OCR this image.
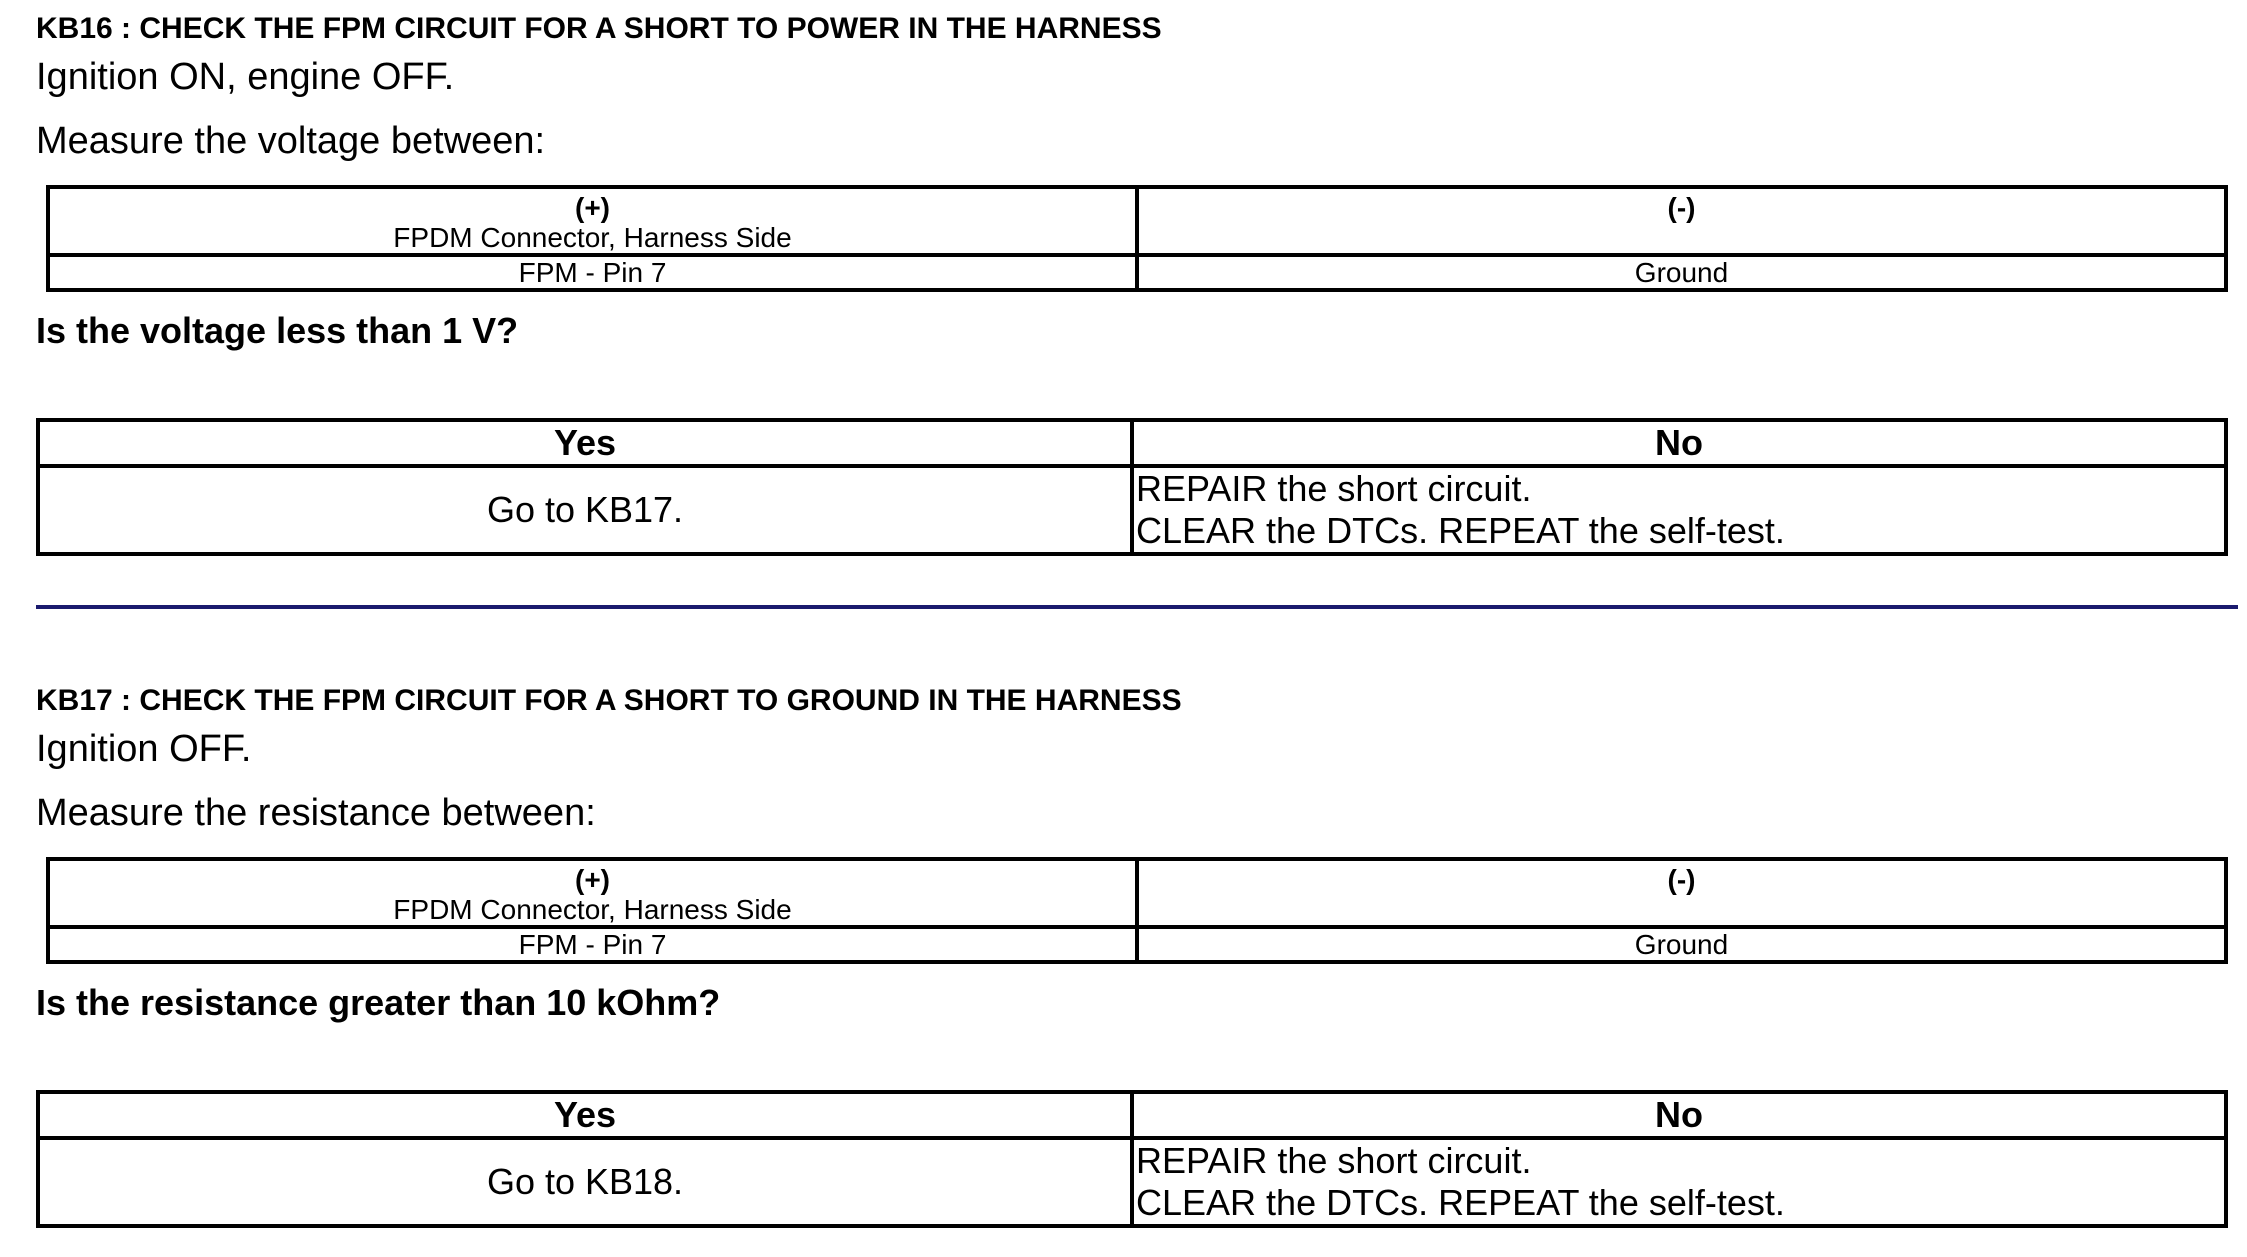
KB16 : CHECK THE FPM CIRCUIT FOR A SHORT TO POWER IN THE HARNESS
Ignition ON, engine OFF.
Measure the voltage between:
(+)
FPDM Connector, Harness Side	(-)

FPM - Pin 7	Ground
Is the voltage less than 1 V?
Yes	No
Go to KB17.	REPAIR the short circuit.
CLEAR the DTCs. REPEAT the self-test.
KB17 : CHECK THE FPM CIRCUIT FOR A SHORT TO GROUND IN THE HARNESS
Ignition OFF.
Measure the resistance between:
(+)
FPDM Connector, Harness Side	(-)

FPM - Pin 7	Ground
Is the resistance greater than 10 kOhm?
Yes	No
Go to KB18.	REPAIR the short circuit.
CLEAR the DTCs. REPEAT the self-test.
